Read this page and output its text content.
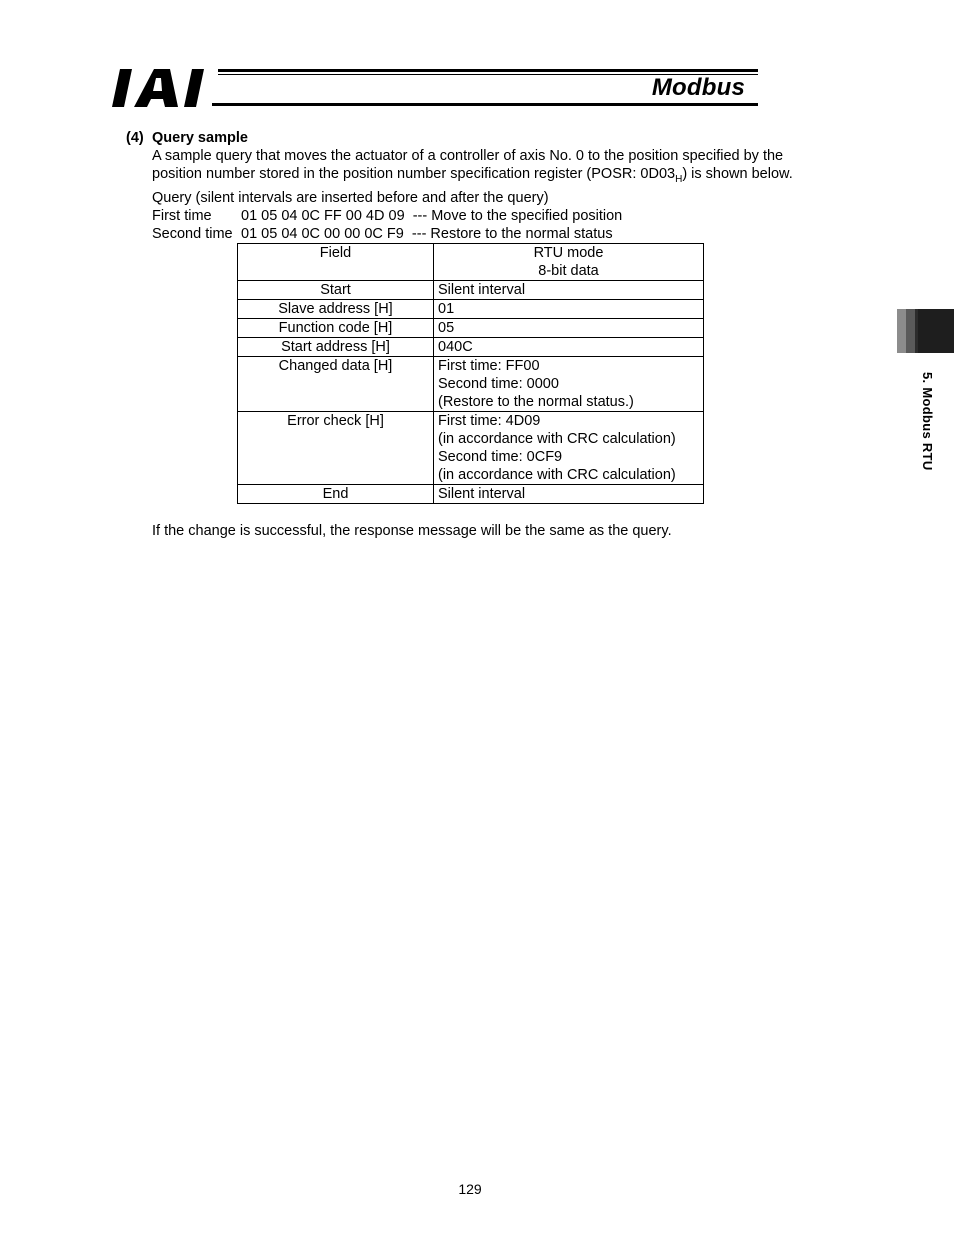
Modbus
(4) Query sample
A sample query that moves the actuator of a controller of axis No. 0 to the position specified by the position number stored in the position number specification register (POSR: $0D03_H$) is shown below.
Query (silent intervals are inserted before and after the query)
First time	01 05 04 0C FF 00 4D 09
--- Move to the specified position
Second time 01 05 04 0C 00 00 0C F9
--- Restore to the normal status
Field	RTU mode
8-bit data

Start	Silent interval

Slave address [H]	01

Function code [H]	05

Start address [H]	040C

Changed data [H]	First time: FF00
Second time: 0000
(Restore to the normal status.)

Error check [H]	First time: 4D09
(in accordance with CRC calculation)
Second time: 0CF9
(in accordance with CRC calculation)

End	Silent interval
If the change is successful, the response message will be the same as the query.
5. Modbus RTU
129
